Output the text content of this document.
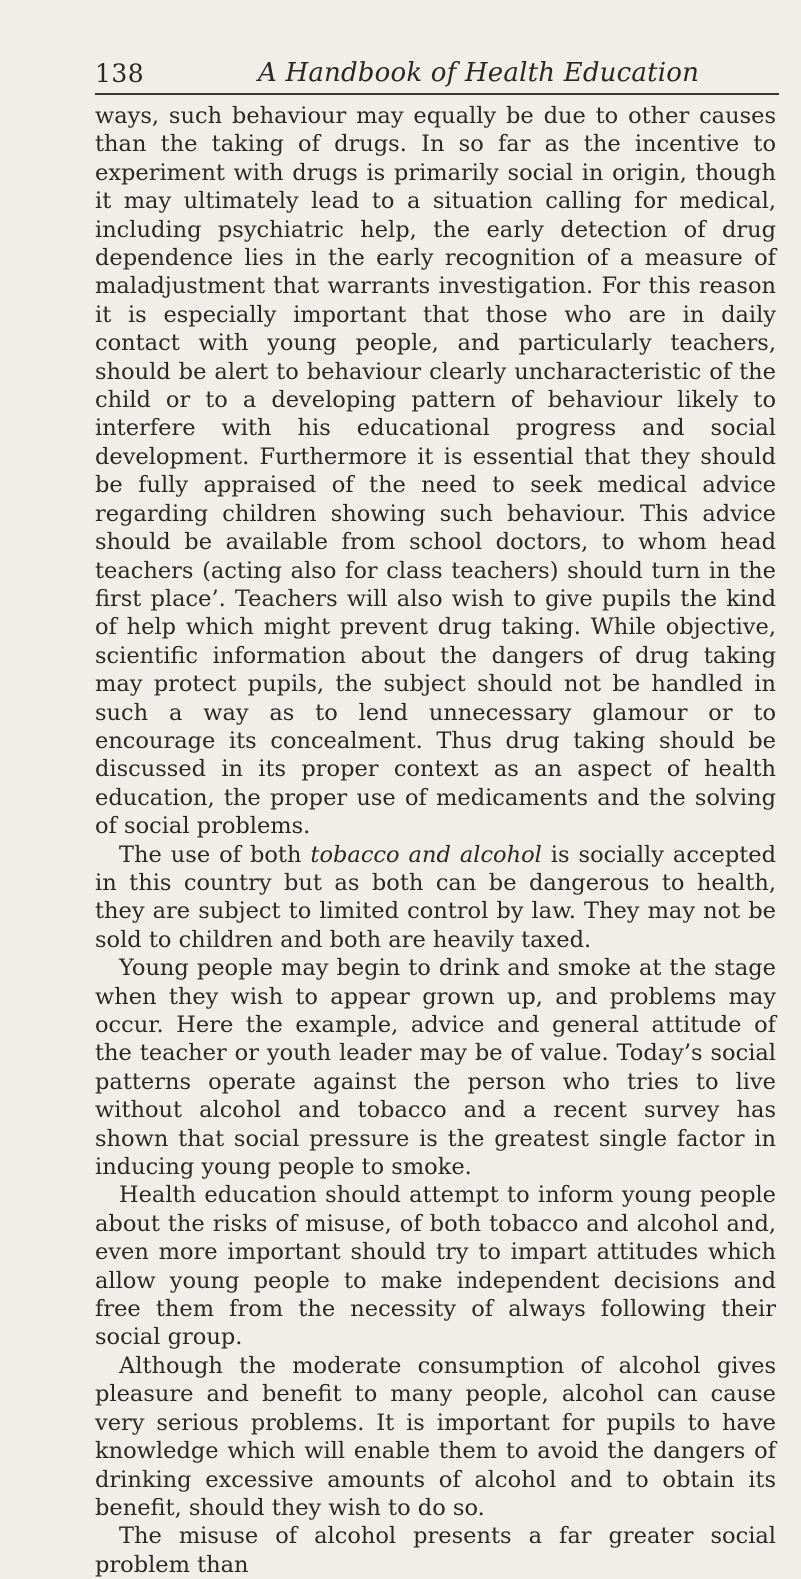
138	A Handbook of Health Education

ways, such behaviour may equally be due to other causes than the taking of drugs. In so far as the incentive to experiment with drugs is primarily social in origin, though it may ultimately lead to a situation calling for medical, including psychiatric help, the early detection of drug dependence lies in the early recognition of a measure of maladjustment that warrants investigation. For this reason it is especially important that those who are in daily contact with young people, and particularly teachers, should be alert to behaviour clearly uncharacteristic of the child or to a developing pattern of behaviour likely to interfere with his educational progress and social development. Furthermore it is essential that they should be fully appraised of the need to seek medical advice regarding children showing such behaviour. This advice should be available from school doctors, to whom head teachers (acting also for class teachers) should turn in the first place’. Teachers will also wish to give pupils the kind of help which might prevent drug taking. While objective, scientific information about the dangers of drug taking may protect pupils, the subject should not be handled in such a way as to lend unnecessary glamour or to encourage its concealment. Thus drug taking should be discussed in its proper context as an aspect of health education, the proper use of medicaments and the solving of social problems.

The use of both tobacco and alcohol is socially accepted in this country but as both can be dangerous to health, they are subject to limited control by law. They may not be sold to children and both are heavily taxed.

Young people may begin to drink and smoke at the stage when they wish to appear grown up, and problems may occur. Here the example, advice and general attitude of the teacher or youth leader may be of value. Today’s social patterns operate against the person who tries to live without alcohol and tobacco and a recent survey has shown that social pressure is the greatest single factor in inducing young people to smoke.

Health education should attempt to inform young people about the risks of misuse, of both tobacco and alcohol and, even more important should try to impart attitudes which allow young people to make independent decisions and free them from the necessity of always following their social group.

Although the moderate consumption of alcohol gives pleasure and benefit to many people, alcohol can cause very serious problems. It is important for pupils to have knowledge which will enable them to avoid the dangers of drinking excessive amounts of alcohol and to obtain its benefit, should they wish to do so.

The misuse of alcohol presents a far greater social problem than
